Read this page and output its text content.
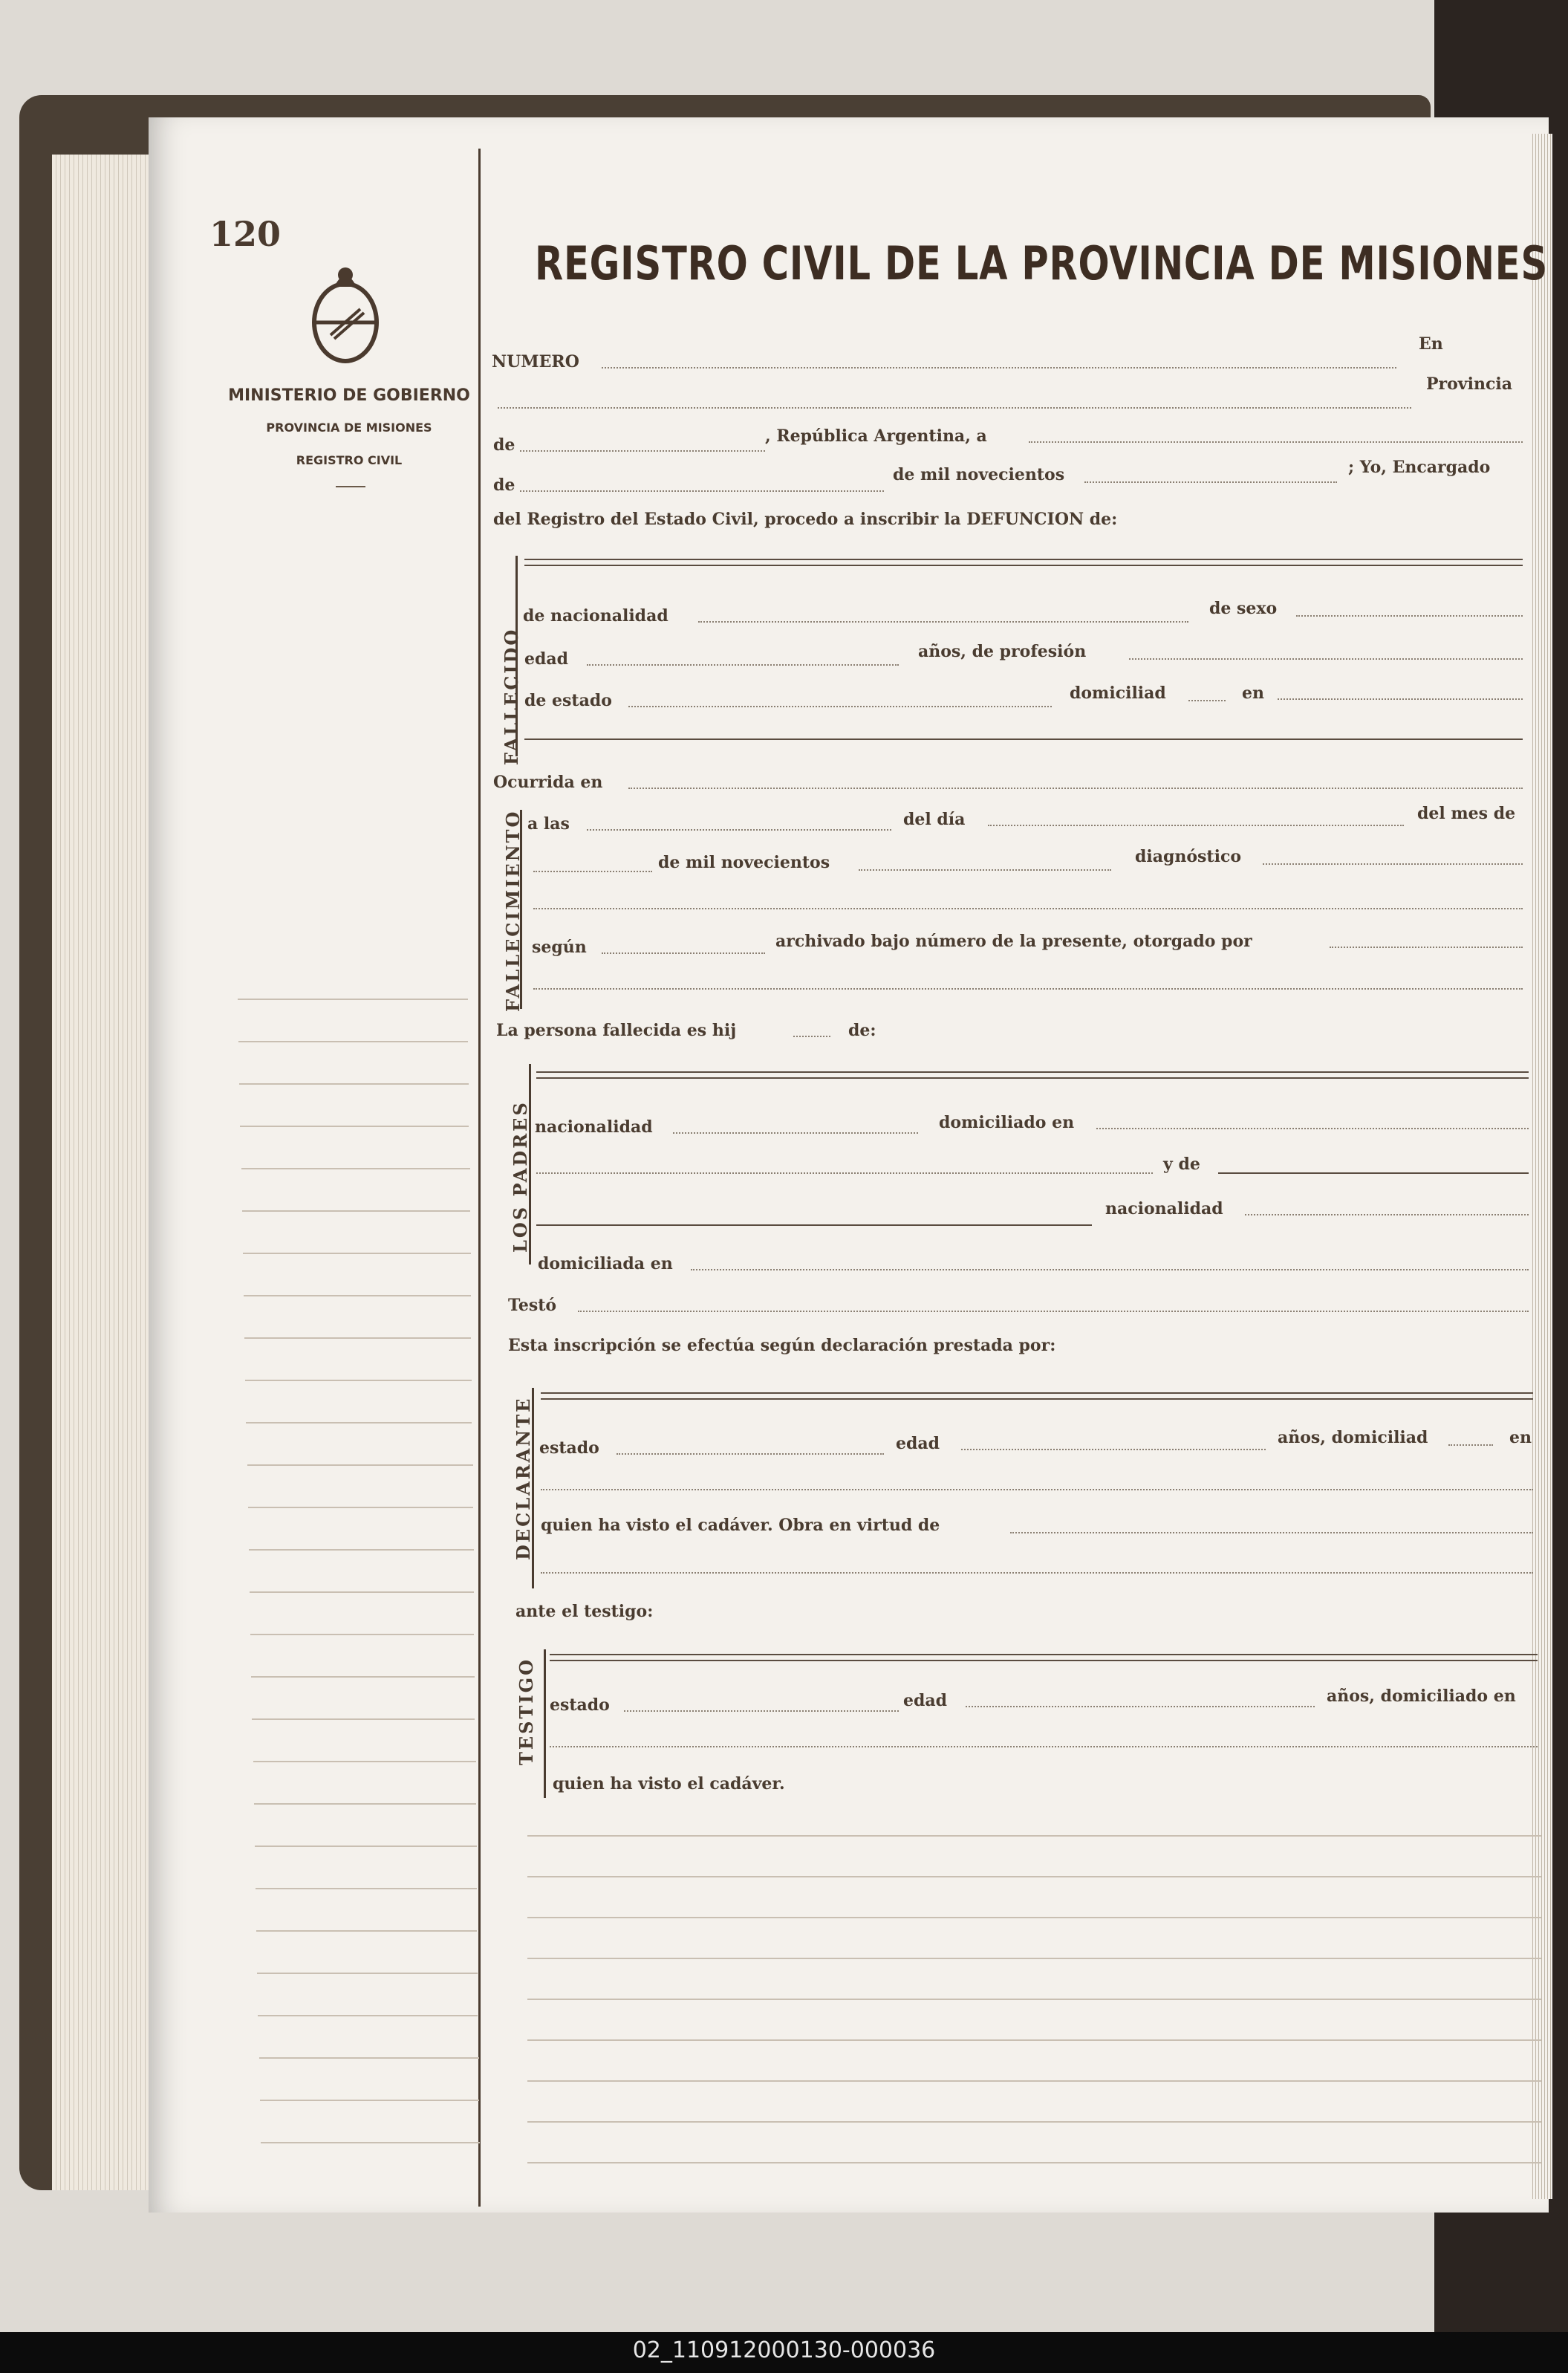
120
MINISTERIO DE GOBIERNO
PROVINCIA DE MISIONES
REGISTRO CIVIL
REGISTRO CIVIL DE LA PROVINCIA DE MISIONES
NUMERO
En
Provincia
de	, República Argentina, a
de
de mil novecientos	; Yo, Encargado
del Registro del Estado Civil, procedo a inscribir la DEFUNCION de:
FALLECIDO
de nacionalidad	de sexo
edad	años, de profesión
de estado	domiciliad	en
Ocurrida en
FALLECIMIENTO a las	del día	del mes de
de mil novecientos	diagnóstico
según	archivado bajo número de la presente, otorgado por
La persona fallecida es hij	de:
LOS PADRES nacionalidad	domiciliado en
y de
nacionalidad
domiciliada en
Testó
Esta inscripción se efectúa según declaración prestada por:
DECLARANTE estado	edad	años, domiciliad	en
quien ha visto el cadáver. Obra en virtud de
ante el testigo:
TESTIGO estado	edad	años, domiciliado en
quien ha visto el cadáver.
02_110912000130-000036
